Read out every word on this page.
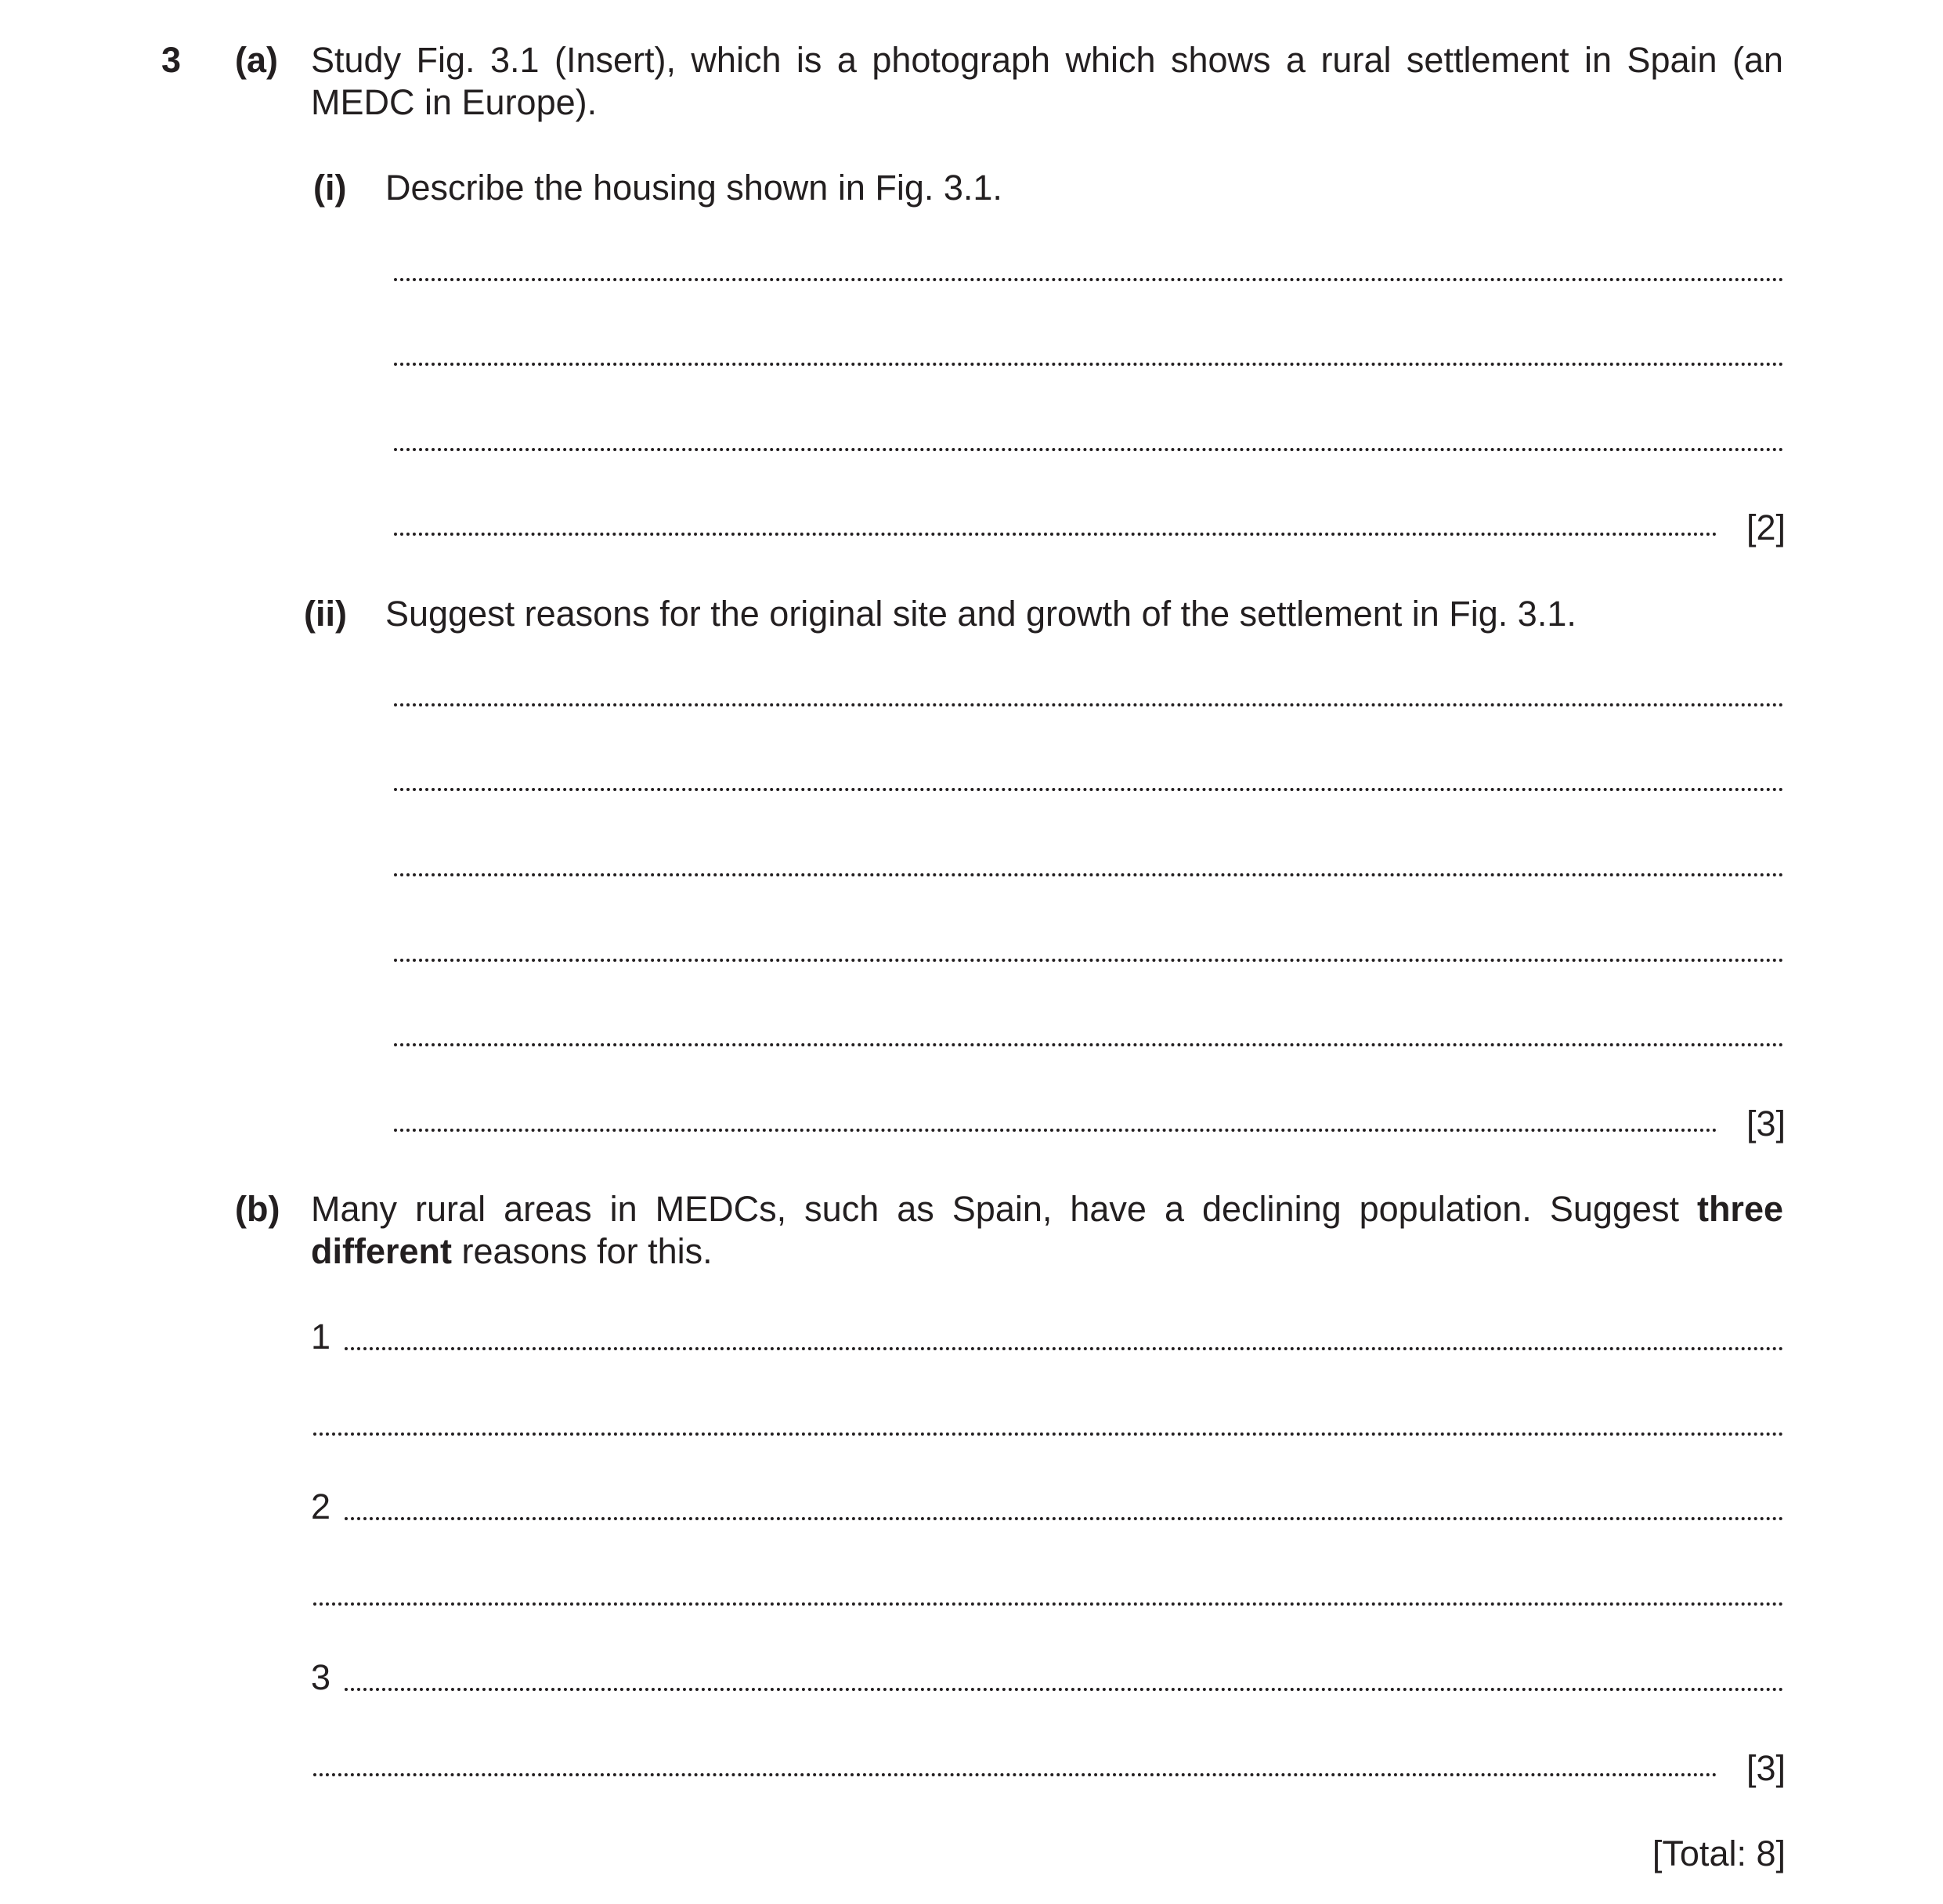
3 (a) Study Fig. 3.1 (Insert), which is a photograph which shows a rural settlement in Spain (an MEDC in Europe).
(i) Describe the housing shown in Fig. 3.1.
[2]
(ii) Suggest reasons for the original site and growth of the settlement in Fig. 3.1.
[3]
(b) Many rural areas in MEDCs, such as Spain, have a declining population. Suggest three different reasons for this.
1
2
3
[3]
[Total: 8]
